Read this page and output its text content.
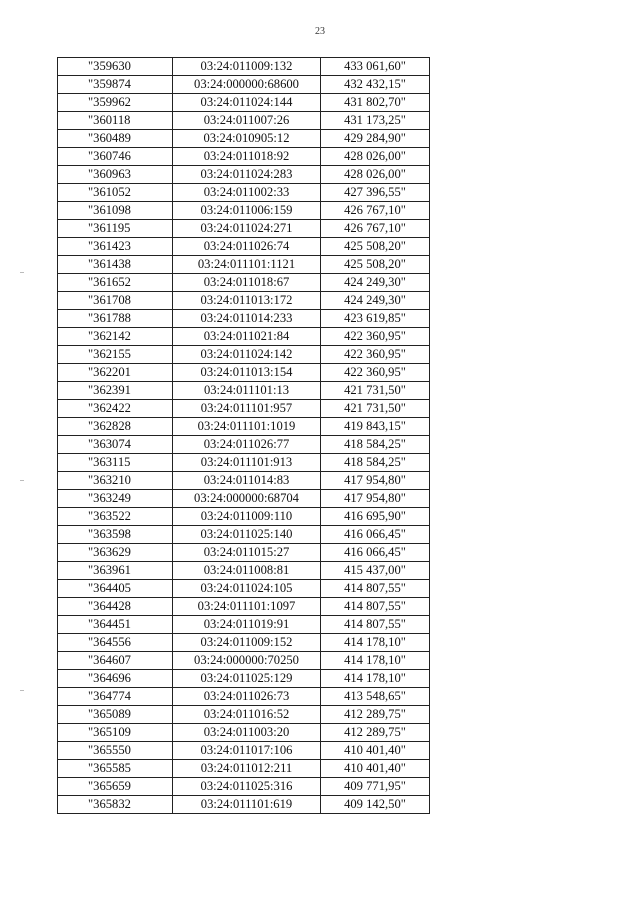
23
"359630	03:24:011009:132	433 061,60"
"359874	03:24:000000:68600	432 432,15"
"359962	03:24:011024:144	431 802,70"
"360118	03:24:011007:26	431 173,25"
"360489	03:24:010905:12	429 284,90"
"360746	03:24:011018:92	428 026,00"
"360963	03:24:011024:283	428 026,00"
"361052	03:24:011002:33	427 396,55"
"361098	03:24:011006:159	426 767,10"
"361195	03:24:011024:271	426 767,10"
"361423	03:24:011026:74	425 508,20"
"361438	03:24:011101:1121	425 508,20"
"361652	03:24:011018:67	424 249,30"
"361708	03:24:011013:172	424 249,30"
"361788	03:24:011014:233	423 619,85"
"362142	03:24:011021:84	422 360,95"
"362155	03:24:011024:142	422 360,95"
"362201	03:24:011013:154	422 360,95"
"362391	03:24:011101:13	421 731,50"
"362422	03:24:011101:957	421 731,50"
"362828	03:24:011101:1019	419 843,15"
"363074	03:24:011026:77	418 584,25"
"363115	03:24:011101:913	418 584,25"
"363210	03:24:011014:83	417 954,80"
"363249	03:24:000000:68704	417 954,80"
"363522	03:24:011009:110	416 695,90"
"363598	03:24:011025:140	416 066,45"
"363629	03:24:011015:27	416 066,45"
"363961	03:24:011008:81	415 437,00"
"364405	03:24:011024:105	414 807,55"
"364428	03:24:011101:1097	414 807,55"
"364451	03:24:011019:91	414 807,55"
"364556	03:24:011009:152	414 178,10"
"364607	03:24:000000:70250	414 178,10"
"364696	03:24:011025:129	414 178,10"
"364774	03:24:011026:73	413 548,65"
"365089	03:24:011016:52	412 289,75"
"365109	03:24:011003:20	412 289,75"
"365550	03:24:011017:106	410 401,40"
"365585	03:24:011012:211	410 401,40"
"365659	03:24:011025:316	409 771,95"
"365832	03:24:011101:619	409 142,50"
